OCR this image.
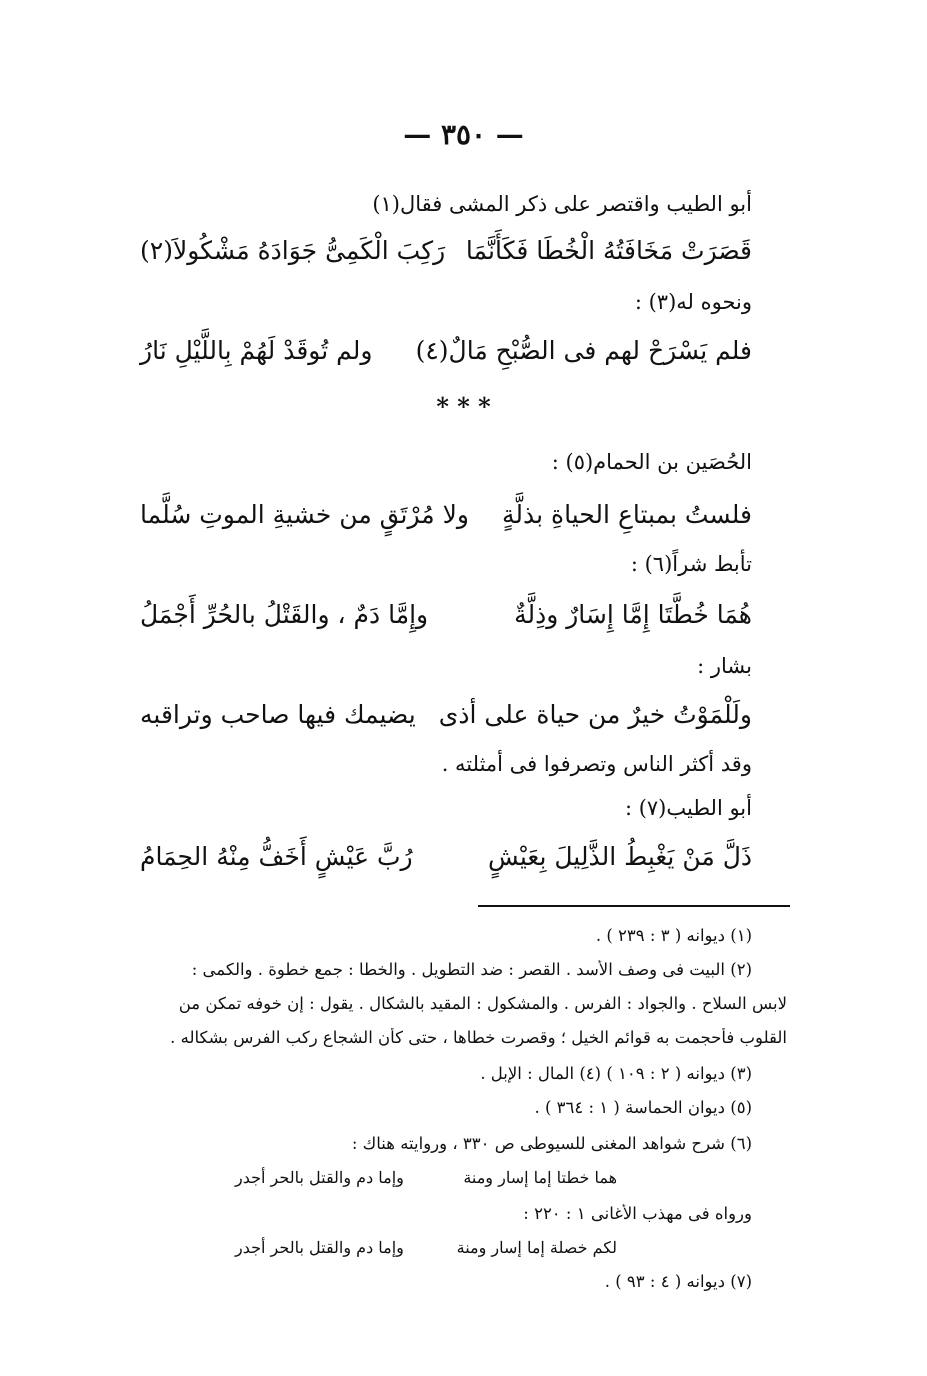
— ٣٥٠ —
أبو الطيب واقتصر على ذكر المشى فقال(١)
قَصَرَتْ مَخَافَتُهُ الْخُطَا فَكَأَنَّمَا
رَكِبَ الْكَمِىُّ جَوَادَهُ مَشْكُولاَ(٢)
ونحوه له(٣) :
فلم يَسْرَحْ لهم فى الصُّبْحِ مَالٌ(٤)
ولم تُوقَدْ لَهُمْ بِاللَّيْلِ نَارُ
* * *
الحُصَين بن الحمام(٥) :
فلستُ بمبتاعِ الحياةِ بذلَّةٍ
ولا مُرْتَقٍ من خشيةِ الموتِ سُلَّما
تأبط شراً(٦) :
هُمَا خُطَّتَا إِمَّا إِسَارٌ وذِلَّةٌ
وإِمَّا دَمٌ ، والقَتْلُ بالحُرِّ أَجْمَلُ
بشار :
ولَلْمَوْتُ خيرٌ من حياة على أذى
يضيمك فيها صاحب وتراقبه
وقد أكثر الناس وتصرفوا فى أمثلته .
أبو الطيب(٧) :
ذَلَّ مَنْ يَغْبِطُ الذَّلِيلَ بِعَيْشٍ
رُبَّ عَيْشٍ أَخَفُّ مِنْهُ الحِمَامُ
(١) ديوانه ( ٣ : ٢٣٩ ) .
(٢) البيت فى وصف الأسد . القصر : ضد التطويل . والخطا : جمع خطوة . والكمى :
لابس السلاح . والجواد : الفرس . والمشكول : المقيد بالشكال . يقول : إن خوفه تمكن من
القلوب فأحجمت به قوائم الخيل ؛ وقصرت خطاها ، حتى كأن الشجاع ركب الفرس بشكاله .
(٣) ديوانه ( ٢ : ١٠٩ ) (٤) المال : الإبل .
(٥) ديوان الحماسة ( ١ : ٣٦٤ ) .
(٦) شرح شواهد المغنى للسيوطى ص ٣٣٠ ، وروايته هناك :
هما خطتا إما إسار ومنة
وإما دم والقتل بالحر أجدر
ورواه فى مهذب الأغانى ١ : ٢٢٠ :
لكم خصلة إما إسار ومنة
وإما دم والقتل بالحر أجدر
(٧) ديوانه ( ٤ : ٩٣ ) .
